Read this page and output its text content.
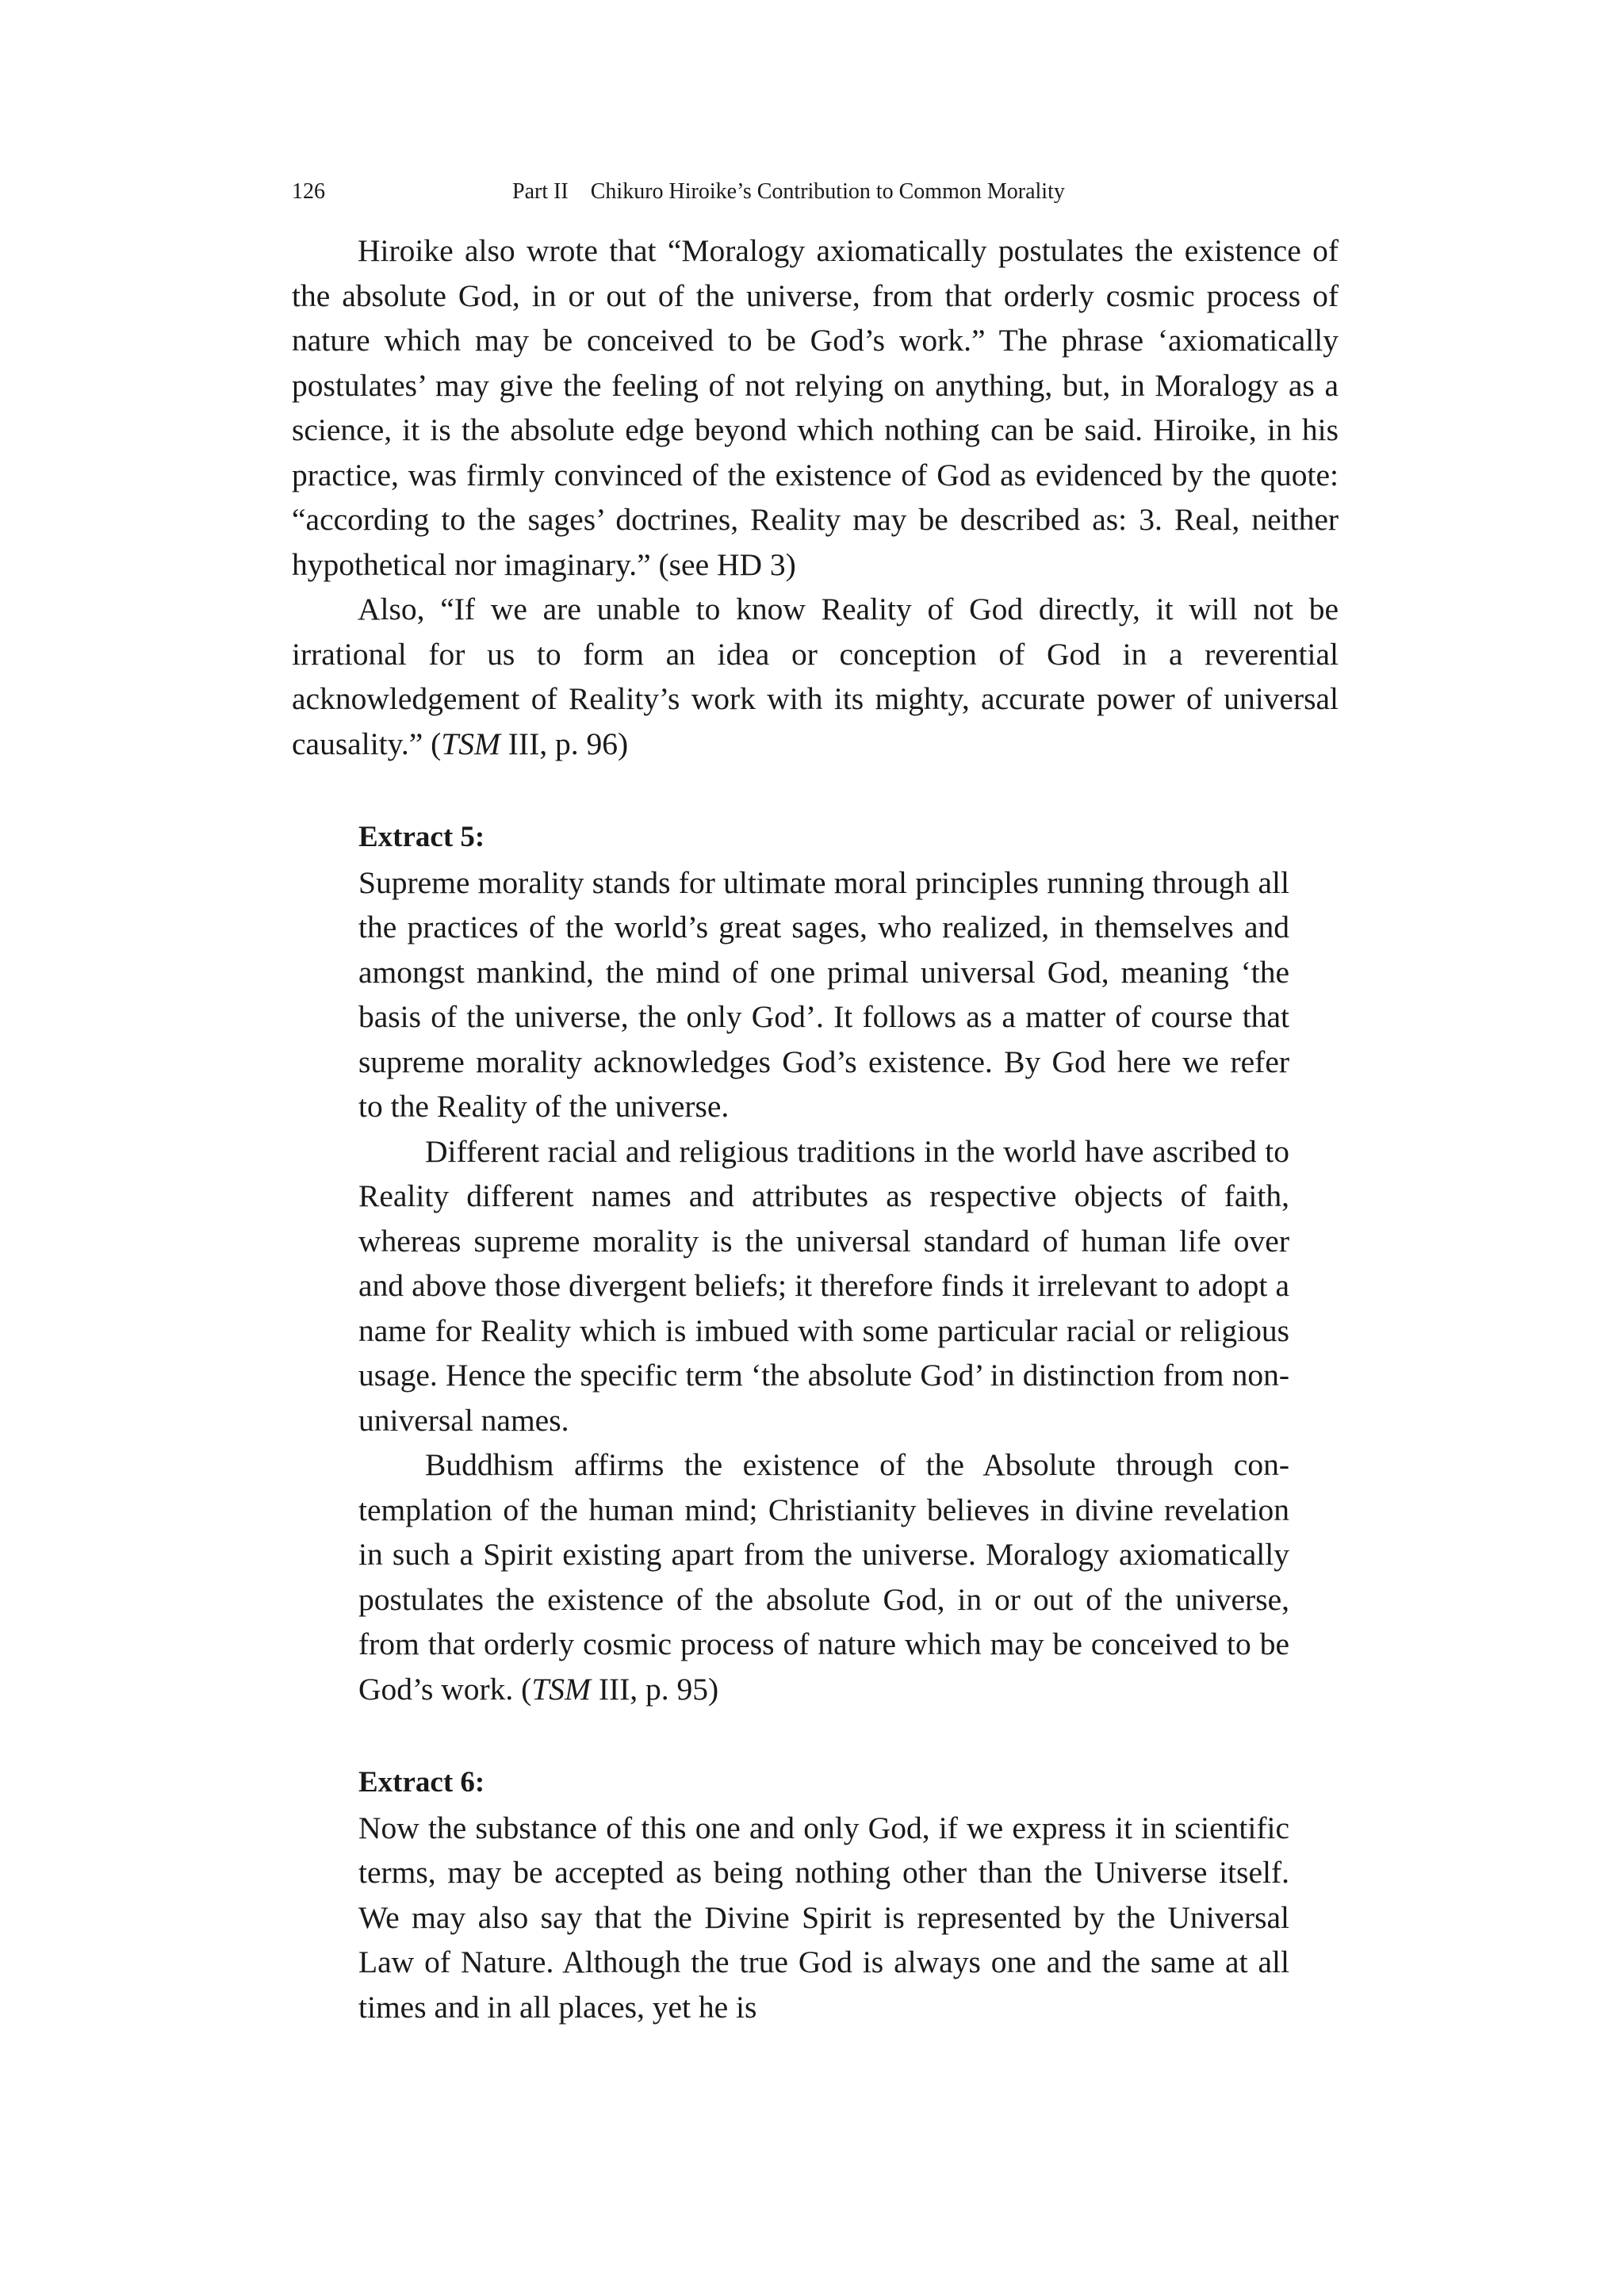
126	Part II Chikuro Hiroike’s Contribution to Common Morality

Hiroike also wrote that “Moralogy axiomatically postulates the existence of the absolute God, in or out of the universe, from that orderly cosmic process of nature which may be conceived to be God’s work.” The phrase ‘axiomatically postulates’ may give the feeling of not relying on anything, but, in Moralogy as a science, it is the absolute edge beyond which nothing can be said. Hiroike, in his practice, was firmly convinced of the existence of God as evidenced by the quote: “according to the sages’ doctrines, Reality may be described as: 3. Real, neither hypothetical nor imaginary.” (see HD 3)

Also, “If we are unable to know Reality of God directly, it will not be irrational for us to form an idea or conception of God in a reverential acknowledgement of Reality’s work with its mighty, accurate power of universal causality.” (TSM III, p. 96)

Extract 5:

Supreme morality stands for ultimate moral principles running through all the practices of the world’s great sages, who realized, in themselves and amongst mankind, the mind of one primal universal God, meaning ‘the basis of the universe, the only God’. It follows as a matter of course that supreme morality acknowledges God’s existence. By God here we refer to the Reality of the universe.

Different racial and religious traditions in the world have ascribed to Reality different names and attributes as respective objects of faith, whereas supreme morality is the universal standard of human life over and above those divergent beliefs; it therefore finds it irrelevant to adopt a name for Reality which is imbued with some particular racial or religious usage. Hence the specific term ‘the absolute God’ in distinction from non-universal names.

Buddhism affirms the existence of the Absolute through contemplation of the human mind; Christianity believes in divine revelation in such a Spirit existing apart from the universe. Moralogy axiomatically postulates the existence of the absolute God, in or out of the universe, from that orderly cosmic process of nature which may be conceived to be God’s work. (TSM III, p. 95)

Extract 6:

Now the substance of this one and only God, if we express it in scientific terms, may be accepted as being nothing other than the Universe itself. We may also say that the Divine Spirit is represented by the Universal Law of Nature. Although the true God is always one and the same at all times and in all places, yet he is
